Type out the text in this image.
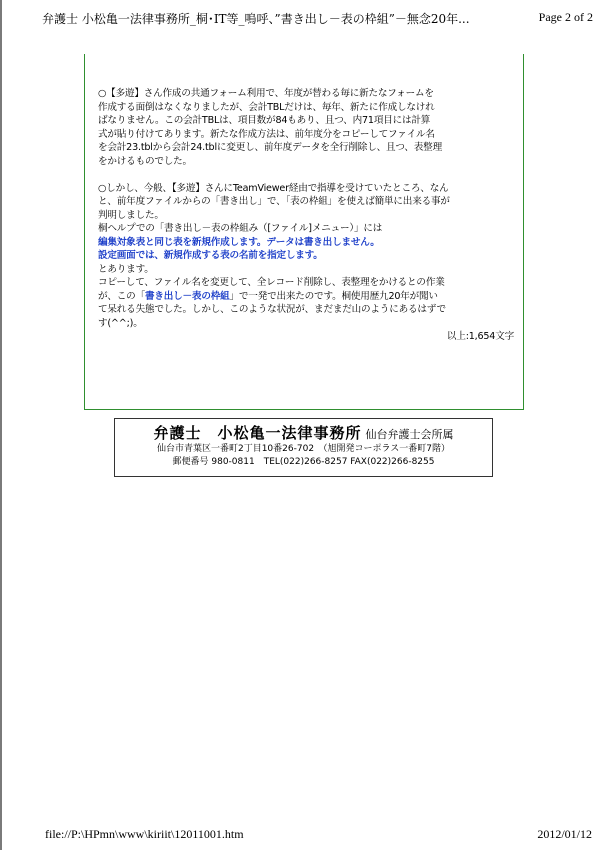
弁護士 小松亀一法律事務所_桐･IT等_嗚呼、”書き出し－表の枠組”－無念20年...	Page 2 of 2

○【多遊】さん作成の共通フォーム利用で、年度が替わる毎に新たなフォームを

作成する面倒はなくなりましたが、会計TBLだけは、毎年、新たに作成しなけれ

ばなりません。この会計TBLは、項目数が84もあり、且つ、内71項目には計算

式が貼り付けてあります。新たな作成方法は、前年度分をコピーしてファイル名

を会計23.tblから会計24.tblに変更し、前年度データを全行削除し、且つ、表整理

をかけるものでした。

○しかし、今般、【多遊】さんにTeamViewer経由で指導を受けていたところ、なん

と、前年度ファイルからの「書き出し」で、「表の枠組」を使えば簡単に出来る事が

判明しました。

桐ヘルプでの「書き出し－表の枠組み（[ファイル]メニュー）」には

編集対象表と同じ表を新規作成します。データは書き出しません。

設定画面では、新規作成する表の名前を指定します。

とあります。

コピーして、ファイル名を変更して、全レコード削除し、表整理をかけるとの作業

が、この「書き出し－表の枠組」で一発で出来たのです。桐使用歴九20年が聞い

て呆れる失態でした。しかし、このような状況が、まだまだ山のようにあるはずで

す(^^;)。

以上:1,654文字

弁護士　小松亀一法律事務所 仙台弁護士会所属
仙台市青葉区一番町2丁目10番26-702　（旭開発コーポラス一番町7階）
郵便番号 980-0811　TEL(022)266-8257 FAX(022)266-8255
file://P:\HPmn\www\kiriit\12011001.htm	2012/01/12
